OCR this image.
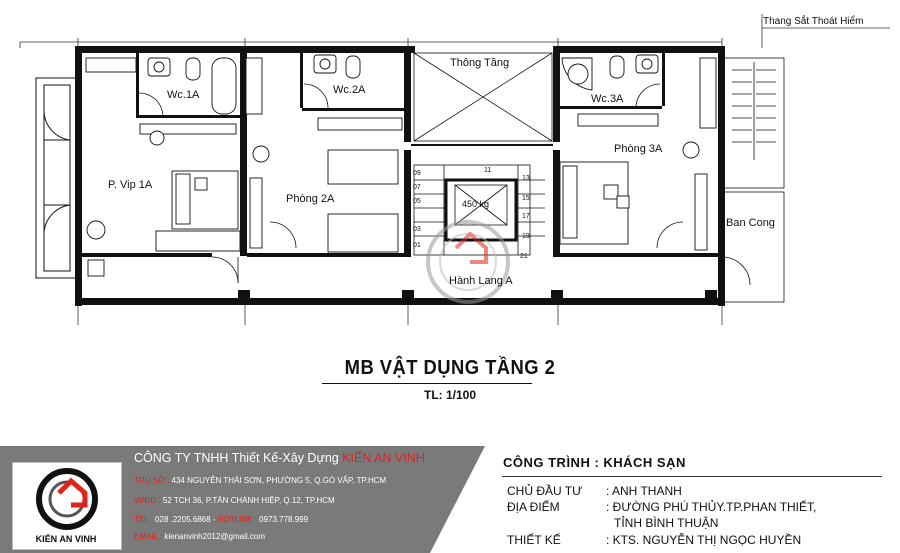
Thông Tầng
Wc.1A	Wc.2A
Wc.3A
P. Vip 1A
Phòng 2A
Phòng 3A
Ban Cong
Hành Lang A
Thang Sắt Thoát Hiểm
450 kg
09
07
05
03
01
13
15
17
19
11
21
MB VẬT DỤNG TẦNG 2
TL: 1/100
KIẾN AN VINH
CÔNG TY TNHH Thiết Kế-Xây Dựng KIẾN AN VINH
TRỤ SỞ : 434 NGUYỄN THÁI SƠN, PHƯỜNG 5, Q.GÒ VẤP, TP.HCM
VPĐD : 52 TCH 36, P.TÂN CHÁNH HIỆP, Q.12, TP.HCM
TEL : 028 .2205.6868 - HOTLINE : 0973.778.999
EMAIL : kienanvinh2012@gmail.com
CÔNG TRÌNH : KHÁCH SẠN
CHỦ ĐẦU TƯ : ANH THANH
ĐỊA ĐIỂM	: ĐƯỜNG PHÚ THỦY.TP.PHAN THIẾT,
TỈNH BÌNH THUẬN
THIẾT KẾ	: KTS. NGUYỄN THỊ NGỌC HUYỀN
